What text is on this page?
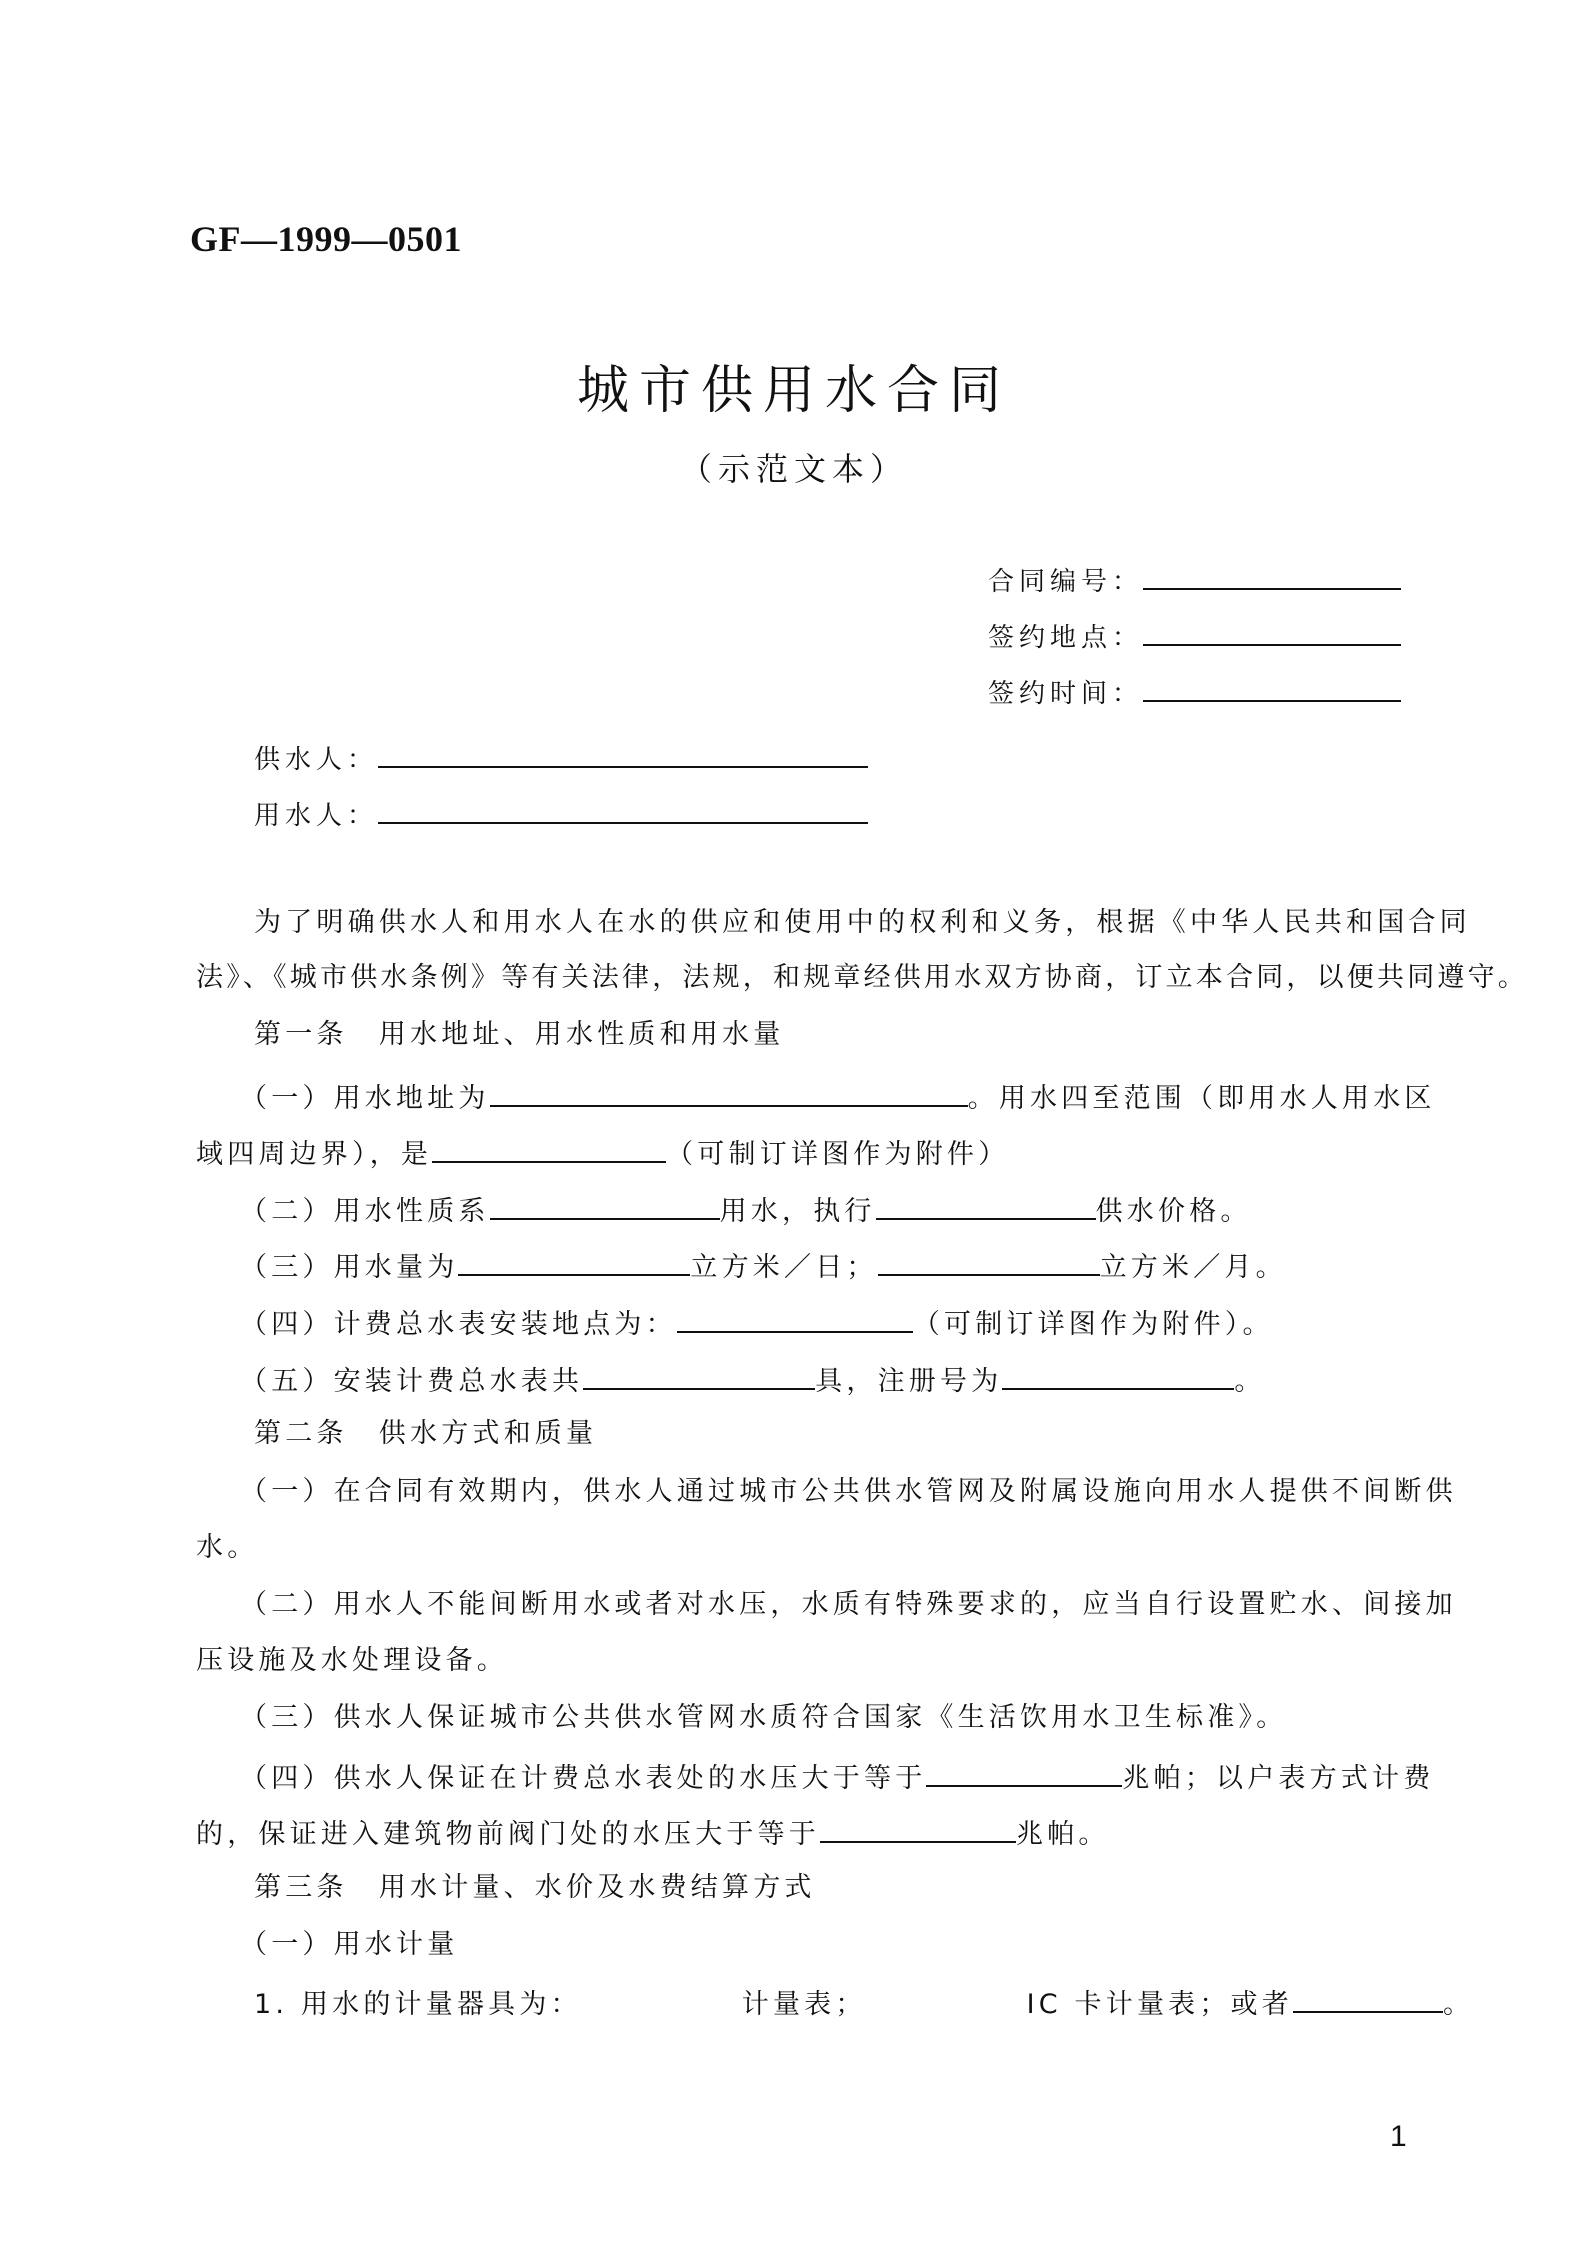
GF—1999—0501
城市供用水合同
（示范文本）
合同编号：
签约地点：
签约时间：
供水人：
用水人：
为了明确供水人和用水人在水的供应和使用中的权利和义务，根据《中华人民共和国合同
法》、《城市供水条例》等有关法律，法规，和规章经供用水双方协商，订立本合同，以便共同遵守。
第一条　用水地址、用水性质和用水量
（一）用水地址为	。用水四至范围（即用水人用水区
域四周边界），是	（可制订详图作为附件）
（二）用水性质系	用水，执行	供水价格。
（三）用水量为	立方米／日；	立方米／月。
（四）计费总水表安装地点为：	（可制订详图作为附件）。
（五）安装计费总水表共	具，注册号为	。
第二条　供水方式和质量
（一）在合同有效期内，供水人通过城市公共供水管网及附属设施向用水人提供不间断供
水。
（二）用水人不能间断用水或者对水压，水质有特殊要求的，应当自行设置贮水、间接加
压设施及水处理设备。
（三）供水人保证城市公共供水管网水质符合国家《生活饮用水卫生标准》。
（四）供水人保证在计费总水表处的水压大于等于	兆帕；以户表方式计费
的，保证进入建筑物前阀门处的水压大于等于	兆帕。
第三条　用水计量、水价及水费结算方式
（一）用水计量
1. 用水的计量器具为：	计量表；	IC 卡计量表；或者	。
1
